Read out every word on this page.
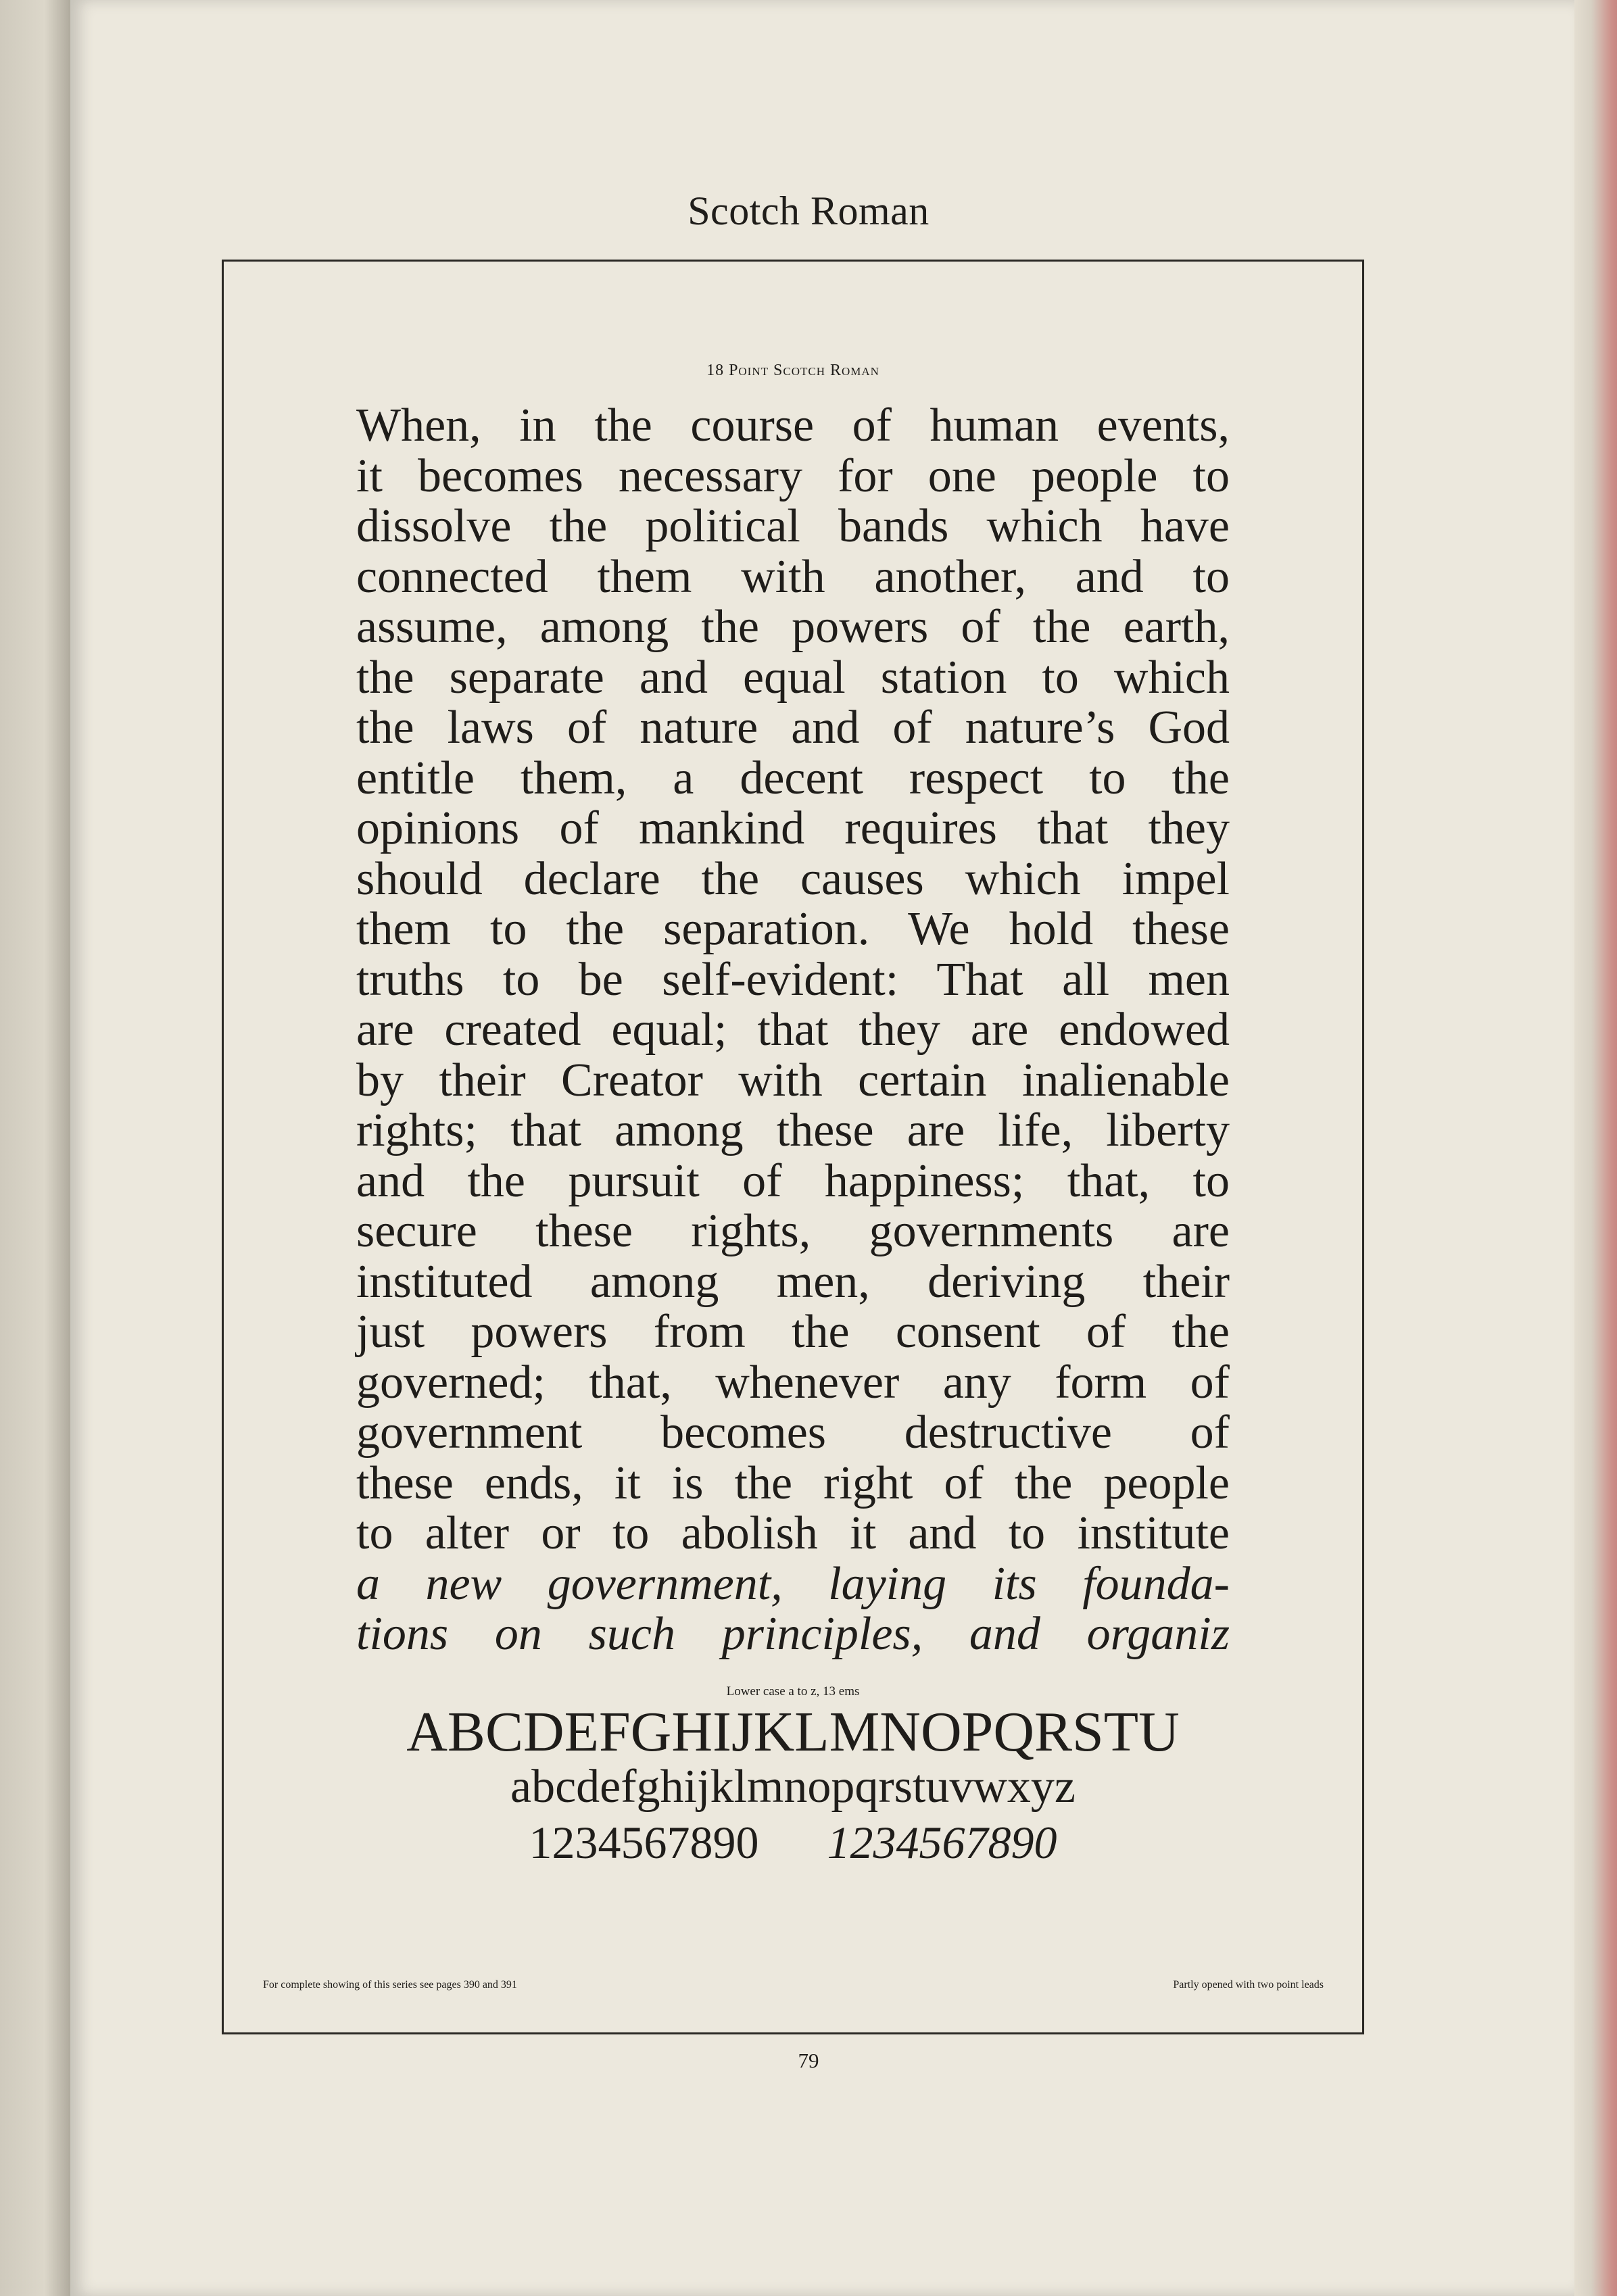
Scotch Roman
18 Point Scotch Roman
When, in the course of human events,
it becomes necessary for one people to
dissolve the political bands which have
connected them with another, and to
assume, among the powers of the earth,
the separate and equal station to which
the laws of nature and of nature’s God
entitle them, a decent respect to the
opinions of mankind requires that they
should declare the causes which impel
them to the separation. We hold these
truths to be self-evident: That all men
are created equal; that they are endowed
by their Creator with certain inalienable
rights; that among these are life, liberty
and the pursuit of happiness; that, to
secure these rights, governments are
instituted among men, deriving their
just powers from the consent of the
governed; that, whenever any form of
government becomes destructive of
these ends, it is the right of the people
to alter or to abolish it and to institute
a new government, laying its founda-
tions on such principles, and organiz
Lower case a to z, 13 ems
ABCDEFGHIJKLMNOPQRSTU
abcdefghijklmnopqrstuvwxyz
1234567890 1234567890
For complete showing of this series see pages 390 and 391	Partly opened with two point leads
79
